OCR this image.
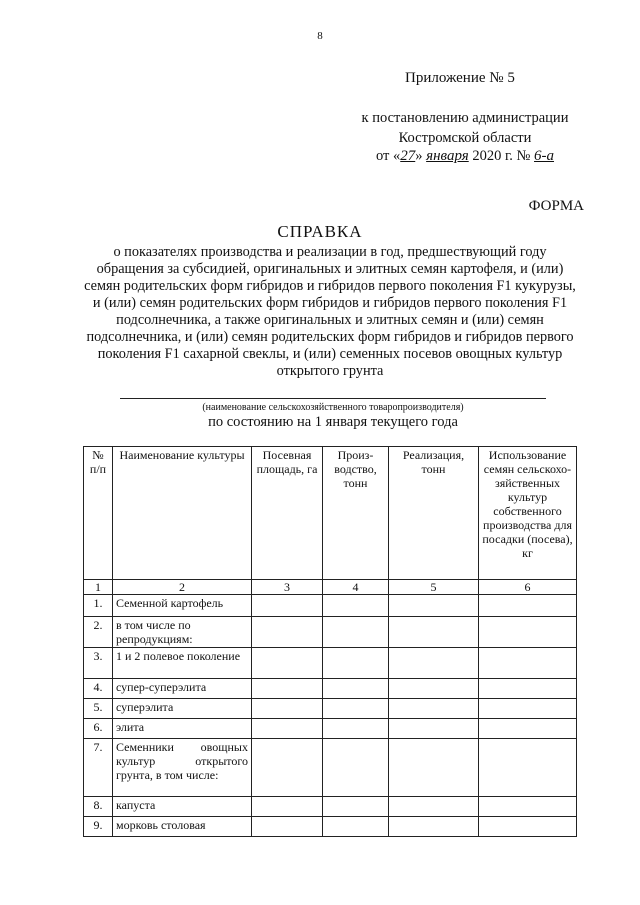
8
Приложение № 5
к постановлению администрации
Костромской области
от «27» января 2020 г. № 6-а
ФОРМА
СПРАВКА
о показателях производства и реализации в год, предшествующий году обращения за субсидией, оригинальных и элитных семян картофеля, и (или) семян родительских форм гибридов и гибридов первого поколения F1 кукурузы, и (или) семян родительских форм гибридов и гибридов первого поколения F1 подсолнечника, а также оригинальных и элитных семян и (или) семян подсолнечника, и (или) семян родительских форм гибридов и гибридов первого поколения F1 сахарной свеклы, и (или) семенных посевов овощных культур открытого грунта
(наименование сельскохозяйственного товаропроизводителя)
по состоянию на 1 января текущего года
№ п/п	Наименование культуры	Посевная площадь, га	Произ-водство, тонн	Реализация, тонн	Использование семян сельскохо-зяйственных культур собственного производства для посадки (посева), кг
1	2	3	4	5	6
1.	Семенной картофель				
2.	в том числе по репродукциям:				
3.	1 и 2 полевое поколение				
4.	супер-суперэлита				
5.	суперэлита				
6.	элита				
7.	Семенники овощных культур открытого грунта, в том числе:				
8.	капуста				
9.	морковь столовая				
